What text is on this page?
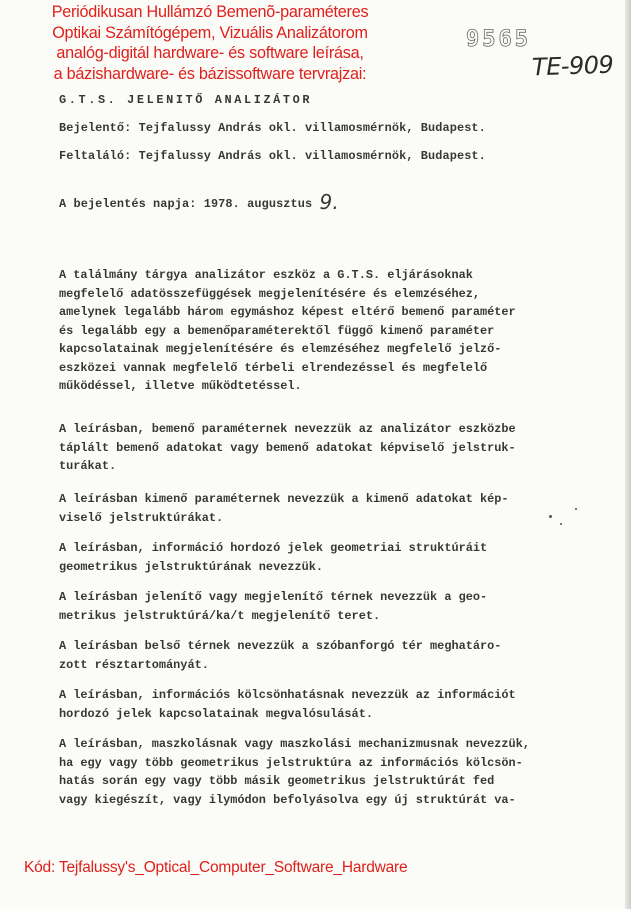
Periódikusan Hullámzó Bemenõ-paraméteres
Optikai Számítógépem, Vizuális Analizátorom
analóg-digitál hardware- és software leírása,
a bázishardware- és bázissoftware tervrajzai:
9565
TE-909
G.T.S. JELENITŐ ANALIZÁTOR
Bejelentő: Tejfalussy András okl. villamosmérnök, Budapest.
Feltaláló: Tejfalussy András okl. villamosmérnök, Budapest.
A bejelentés napja: 1978. augusztus 9.
A találmány tárgya analizátor eszköz a G.T.S. eljárásoknak
megfelelő adatösszefüggések megjelenítésére és elemzéséhez,
amelynek legalább három egymáshoz képest eltérő bemenő paraméter
és legalább egy a bemenőparaméterektől függő kimenő paraméter
kapcsolatainak megjelenítésére és elemzéséhez megfelelő jelző-
eszközei vannak megfelelő térbeli elrendezéssel és megfelelő
működéssel, illetve működtetéssel.
A leírásban, bemenő paraméternek nevezzük az analizátor eszközbe
táplált bemenő adatokat vagy bemenő adatokat képviselő jelstruk-
turákat.
A leírásban kimenő paraméternek nevezzük a kimenő adatokat kép-
viselő jelstruktúrákat.
A leírásban, információ hordozó jelek geometriai struktúráit
geometrikus jelstruktúrának nevezzük.
A leírásban jelenítő vagy megjelenítő térnek nevezzük a geo-
metrikus jelstruktúrá/ka/t megjelenítő teret.
A leírásban belső térnek nevezzük a szóbanforgó tér meghatáro-
zott résztartományát.
A leírásban, információs kölcsönhatásnak nevezzük az információt
hordozó jelek kapcsolatainak megvalósulását.
A leírásban, maszkolásnak vagy maszkolási mechanizmusnak nevezzük,
ha egy vagy több geometrikus jelstruktúra az információs kölcsön-
hatás során egy vagy több másik geometrikus jelstruktúrát fed
vagy kiegészít, vagy ilymódon befolyásolva egy új struktúrát va-
Kód: Tejfalussy's_Optical_Computer_Software_Hardware
